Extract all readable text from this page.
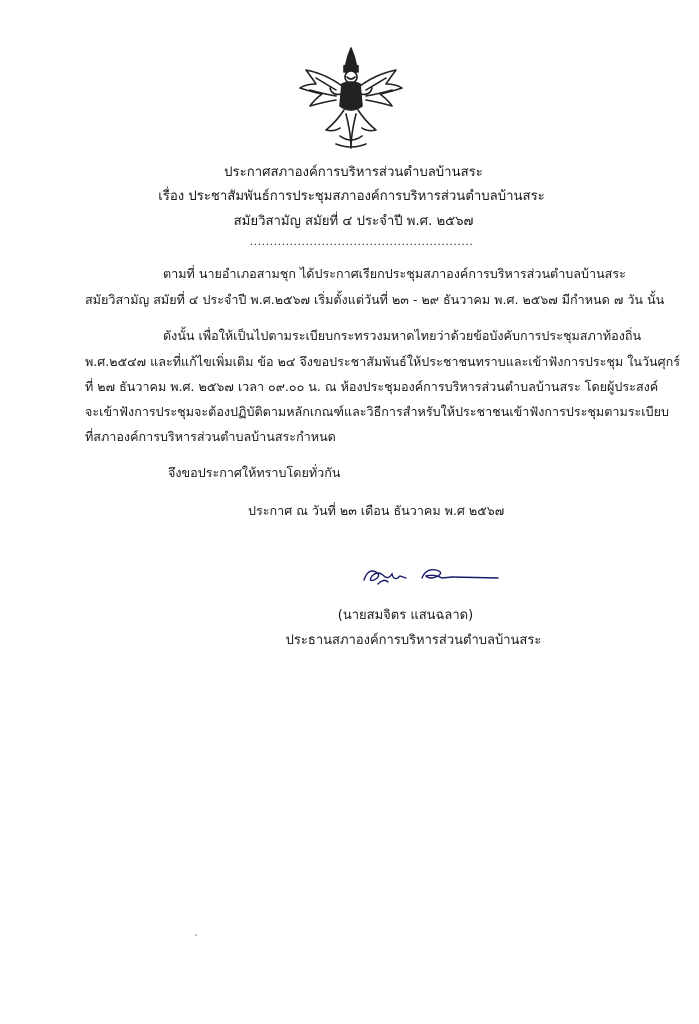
ประกาศสภาองค์การบริหารส่วนตำบลบ้านสระ
เรื่อง ประชาสัมพันธ์การประชุมสภาองค์การบริหารส่วนตำบลบ้านสระ
สมัยวิสามัญ สมัยที่ ๔ ประจำปี พ.ศ. ๒๕๖๗
........................................................
ตามที่ นายอำเภอสามชุก ได้ประกาศเรียกประชุมสภาองค์การบริหารส่วนตำบลบ้านสระ
สมัยวิสามัญ สมัยที่ ๔ ประจำปี พ.ศ.๒๕๖๗ เริ่มตั้งแต่วันที่ ๒๓ - ๒๙ ธันวาคม พ.ศ. ๒๕๖๗ มีกำหนด ๗ วัน นั้น
ดังนั้น เพื่อให้เป็นไปตามระเบียบกระทรวงมหาดไทยว่าด้วยข้อบังคับการประชุมสภาท้องถิ่น
พ.ศ.๒๕๔๗ และที่แก้ไขเพิ่มเติม ข้อ ๒๔ จึงขอประชาสัมพันธ์ให้ประชาชนทราบและเข้าฟังการประชุม ในวันศุกร์
ที่ ๒๗ ธันวาคม พ.ศ. ๒๕๖๗ เวลา ๐๙.๐๐ น. ณ ห้องประชุมองค์การบริหารส่วนตำบลบ้านสระ โดยผู้ประสงค์
จะเข้าฟังการประชุมจะต้องปฏิบัติตามหลักเกณฑ์และวิธีการสำหรับให้ประชาชนเข้าฟังการประชุมตามระเบียบ
ที่สภาองค์การบริหารส่วนตำบลบ้านสระกำหนด
จึงขอประกาศให้ทราบโดยทั่วกัน
ประกาศ ณ วันที่ ๒๓ เดือน ธันวาคม พ.ศ ๒๕๖๗
(นายสมจิตร แสนฉลาด)
ประธานสภาองค์การบริหารส่วนตำบลบ้านสระ
`
